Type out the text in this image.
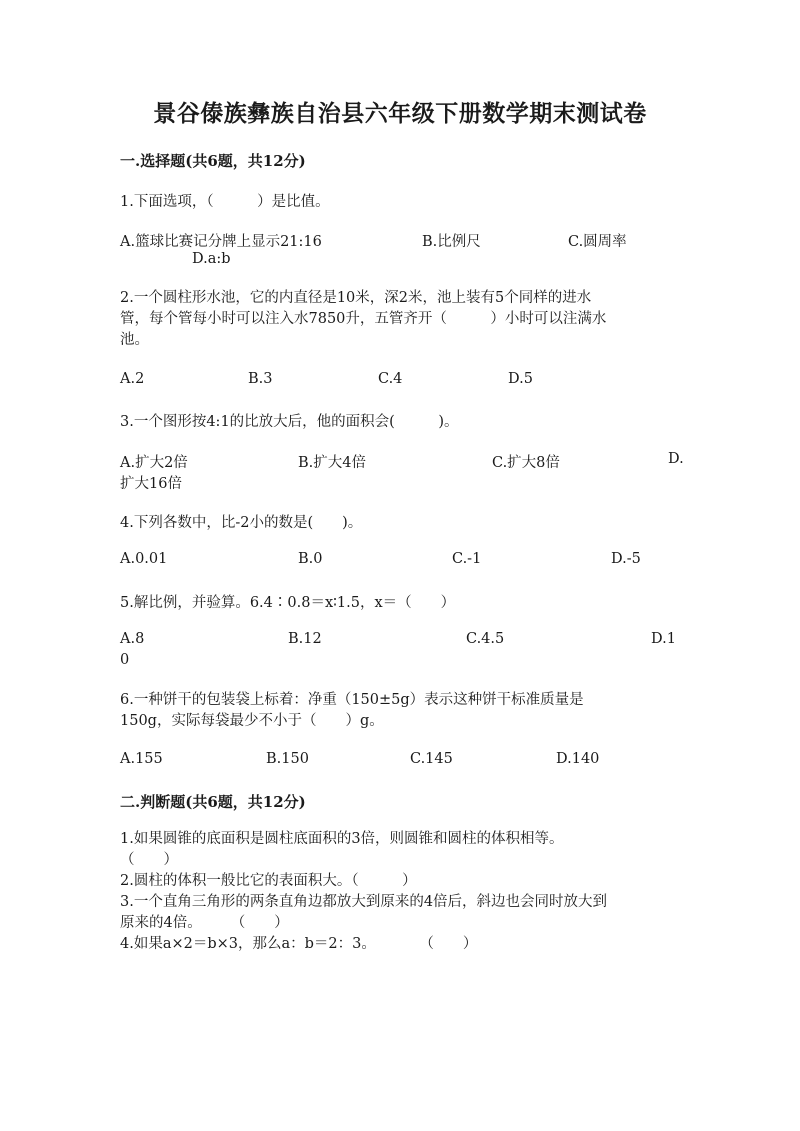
景谷傣族彝族自治县六年级下册数学期末测试卷
一.选择题(共6题，共12分)
1.下面选项，（　　　）是比值。
A.篮球比赛记分牌上显示21:16	B.比例尺	C.圆周率
D.a:b
2.一个圆柱形水池，它的内直径是10米，深2米，池上装有5个同样的进水
管，每个管每小时可以注入水7850升，五管齐开（　　　）小时可以注满水
池。
A.2	B.3	C.4	D.5
3.一个图形按4:1的比放大后，他的面积会(　　　)。
A.扩大2倍	B.扩大4倍	C.扩大8倍	D.
扩大16倍
4.下列各数中，比-2小的数是(　　)。
A.0.01	B.0	C.-1	D.-5
5.解比例，并验算。6.4∶0.8＝x∶1.5，x＝（　　）
A.8	B.12	C.4.5	D.1
0
6.一种饼干的包装袋上标着：净重（150±5g）表示这种饼干标准质量是
150g，实际每袋最少不小于（　　）g。
A.155	B.150	C.145	D.140
二.判断题(共6题，共12分)
1.如果圆锥的底面积是圆柱底面积的3倍，则圆锥和圆柱的体积相等。
（　　）
2.圆柱的体积一般比它的表面积大。（　　　）
3.一个直角三角形的两条直角边都放大到原来的4倍后，斜边也会同时放大到
原来的4倍。　　　（　　）
4.如果a×2＝b×3，那么a：b＝2：3。　　　　（　　）
